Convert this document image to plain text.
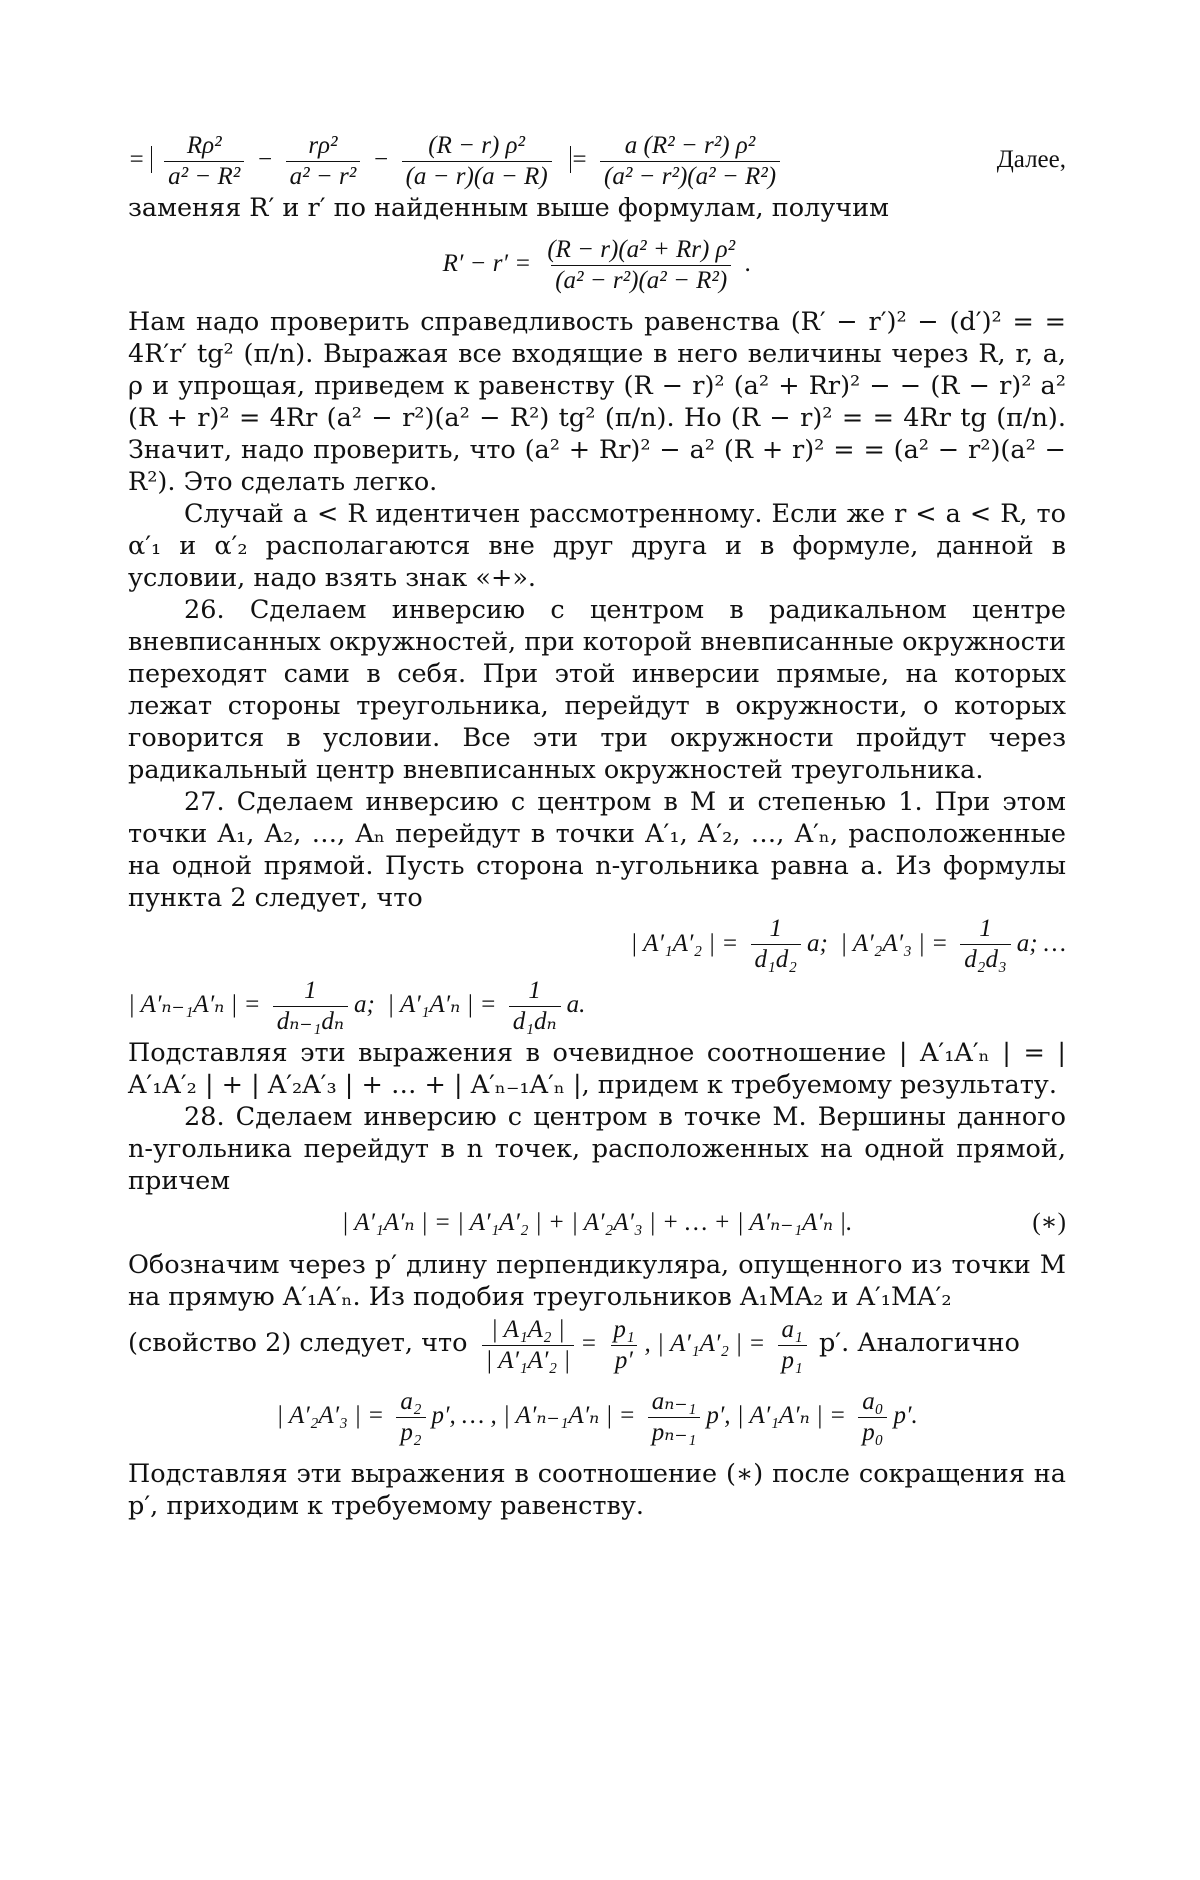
= $\frac{\text{Rρ²}}{\text{a² − R²}} - \frac{\text{rρ²}}{\text{a² − r²}} - \frac{\text{(R − r) ρ²}}{(a - r)(a - R)} = \frac{\text{a (R² − r²) ρ²}}{\text{(a² − r²)(a² − R²)}}$	Далее,

заменяя R′ и r′ по найденным выше формулам, получим

$R' - r' = \frac{\text{(R − r)(a² + Rr) ρ²}}{\text{(a² − r²)(a² − R²)}}$ .

Нам надо проверить справедливость равенства (R′ − r′)² − (d′)² = = 4R′r′ tg² (π/n). Выражая все входящие в него величины через R, r, a, ρ и упрощая, приведем к равенству (R − r)² (a² + Rr)² − − (R − r)² a² (R + r)² = 4Rr (a² − r²)(a² − R²) tg² (π/n). Но (R − r)² = = 4Rr tg (π/n). Значит, надо проверить, что (a² + Rr)² − a² (R + r)² = = (a² − r²)(a² − R²). Это сделать легко.

Случай a < R идентичен рассмотренному. Если же r < a < R, то α′₁ и α′₂ располагаются вне друг друга и в формуле, данной в условии, надо взять знак «+».

26. Сделаем инверсию с центром в радикальном центре вневписанных окружностей, при которой вневписанные окружности переходят сами в себя. При этой инверсии прямые, на которых лежат стороны треугольника, перейдут в окружности, о которых говорится в условии. Все эти три окружности пройдут через радикальный центр вневписанных окружностей треугольника.

27. Сделаем инверсию с центром в M и степенью 1. При этом точки A₁, A₂, …, Aₙ перейдут в точки A′₁, A′₂, …, A′ₙ, расположенные на одной прямой. Пусть сторона n-угольника равна a. Из формулы пункта 2 следует, что

| A′₁A′₂ | = $\frac{1}{\text{d₁d₂}} a$; | A′₂A′₃ | = $\frac{1}{\text{d₂d₃}} a$; …

| A′ₙ₋₁A′ₙ | = $\frac{1}{\text{dₙ₋₁dₙ}} a$; | A′₁A′ₙ | = $\frac{1}{\text{d₁dₙ}} a$.

Подставляя эти выражения в очевидное соотношение | A′₁A′ₙ | = | A′₁A′₂ | + | A′₂A′₃ | + … + | A′ₙ₋₁A′ₙ |, придем к требуемому результату.

28. Сделаем инверсию с центром в точке M. Вершины данного n-угольника перейдут в n точек, расположенных на одной прямой, причем

| A′₁A′ₙ | = | A′₁A′₂ | + | A′₂A′₃ | + … + | A′ₙ₋₁A′ₙ |.	(∗)

Обозначим через p′ длину перпендикуляра, опущенного из точки M на прямую A′₁A′ₙ. Из подобия треугольников A₁MA₂ и A′₁MA′₂

(свойство 2) следует, что $\frac{\text{| A₁A₂ |}}{\text{| A′₁A′₂ |}} = \frac{\text{p₁}}{p'}$ , | A′₁A′₂ | = $\frac{\text{a₁}}{\text{p₁}} p'$. Аналогично

| A′₂A′₃ | = $\frac{\text{a₂}}{\text{p₂}} p'$, … , | A′ₙ₋₁A′ₙ | = $\frac{\text{aₙ₋₁}}{\text{pₙ₋₁}} p'$, | A′₁A′ₙ | = $\frac{\text{a₀}}{\text{p₀}} p'$.

Подставляя эти выражения в соотношение (∗) после сокращения на p′, приходим к требуемому равенству.
